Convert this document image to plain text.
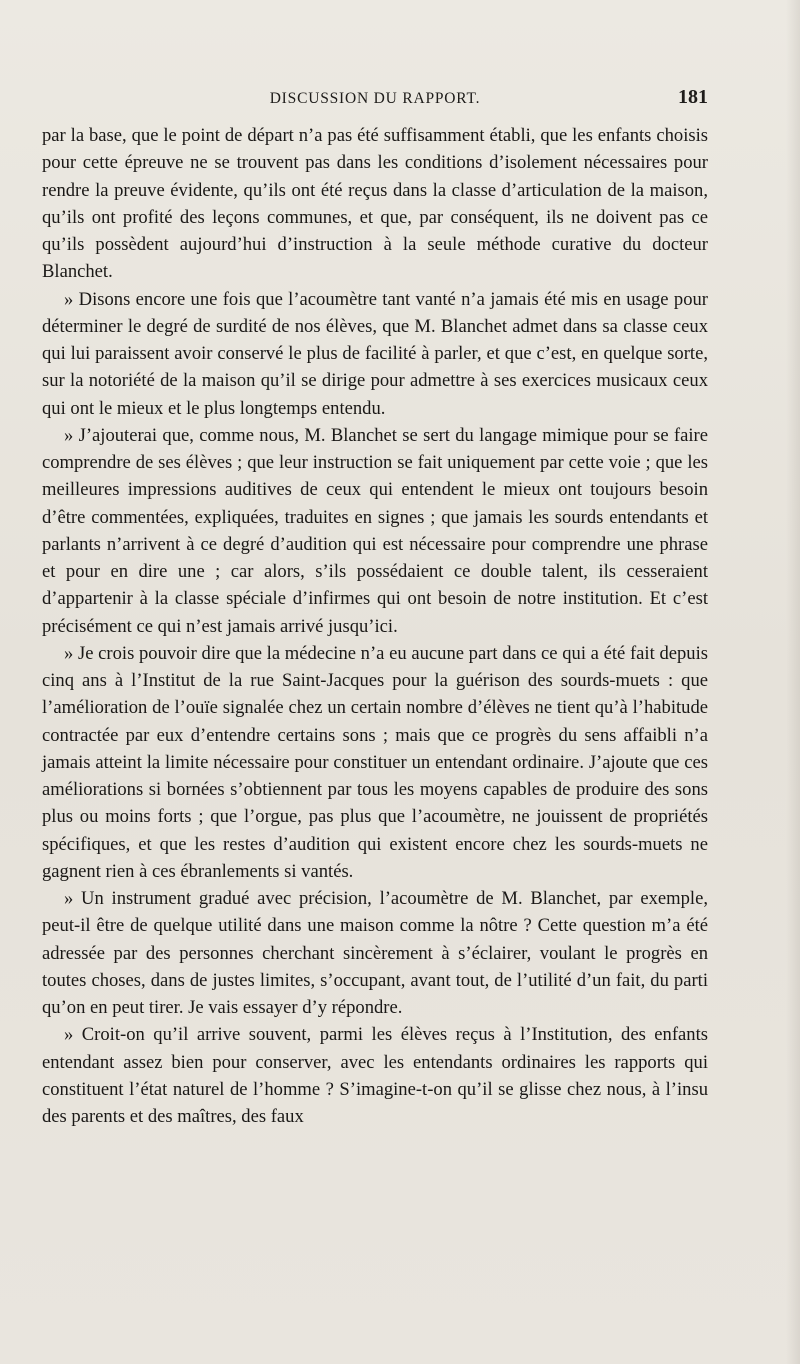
DISCUSSION DU RAPPORT.	181

par la base, que le point de départ n’a pas été suffisamment établi, que les enfants choisis pour cette épreuve ne se trouvent pas dans les conditions d’isolement nécessaires pour rendre la preuve évidente, qu’ils ont été reçus dans la classe d’articulation de la maison, qu’ils ont profité des leçons communes, et que, par conséquent, ils ne doivent pas ce qu’ils possèdent aujourd’hui d’instruction à la seule méthode curative du docteur Blanchet.

» Disons encore une fois que l’acoumètre tant vanté n’a jamais été mis en usage pour déterminer le degré de surdité de nos élèves, que M. Blanchet admet dans sa classe ceux qui lui paraissent avoir conservé le plus de facilité à parler, et que c’est, en quelque sorte, sur la notoriété de la maison qu’il se dirige pour admettre à ses exercices musicaux ceux qui ont le mieux et le plus longtemps entendu.

» J’ajouterai que, comme nous, M. Blanchet se sert du langage mimique pour se faire comprendre de ses élèves ; que leur instruction se fait uniquement par cette voie ; que les meilleures impressions auditives de ceux qui entendent le mieux ont toujours besoin d’être commentées, expliquées, traduites en signes ; que jamais les sourds entendants et parlants n’arrivent à ce degré d’audition qui est nécessaire pour comprendre une phrase et pour en dire une ; car alors, s’ils possédaient ce double talent, ils cesseraient d’appartenir à la classe spéciale d’infirmes qui ont besoin de notre institution. Et c’est précisément ce qui n’est jamais arrivé jusqu’ici.

» Je crois pouvoir dire que la médecine n’a eu aucune part dans ce qui a été fait depuis cinq ans à l’Institut de la rue Saint-Jacques pour la guérison des sourds-muets : que l’amélioration de l’ouïe signalée chez un certain nombre d’élèves ne tient qu’à l’habitude contractée par eux d’entendre certains sons ; mais que ce progrès du sens affaibli n’a jamais atteint la limite nécessaire pour constituer un entendant ordinaire. J’ajoute que ces améliorations si bornées s’obtiennent par tous les moyens capables de produire des sons plus ou moins forts ; que l’orgue, pas plus que l’acoumètre, ne jouissent de propriétés spécifiques, et que les restes d’audition qui existent encore chez les sourds-muets ne gagnent rien à ces ébranlements si vantés.

» Un instrument gradué avec précision, l’acoumètre de M. Blanchet, par exemple, peut-il être de quelque utilité dans une maison comme la nôtre ? Cette question m’a été adressée par des personnes cherchant sincèrement à s’éclairer, voulant le progrès en toutes choses, dans de justes limites, s’occupant, avant tout, de l’utilité d’un fait, du parti qu’on en peut tirer. Je vais essayer d’y répondre.

» Croit-on qu’il arrive souvent, parmi les élèves reçus à l’Institution, des enfants entendant assez bien pour conserver, avec les entendants ordinaires les rapports qui constituent l’état naturel de l’homme ? S’imagine-t-on qu’il se glisse chez nous, à l’insu des parents et des maîtres, des faux
